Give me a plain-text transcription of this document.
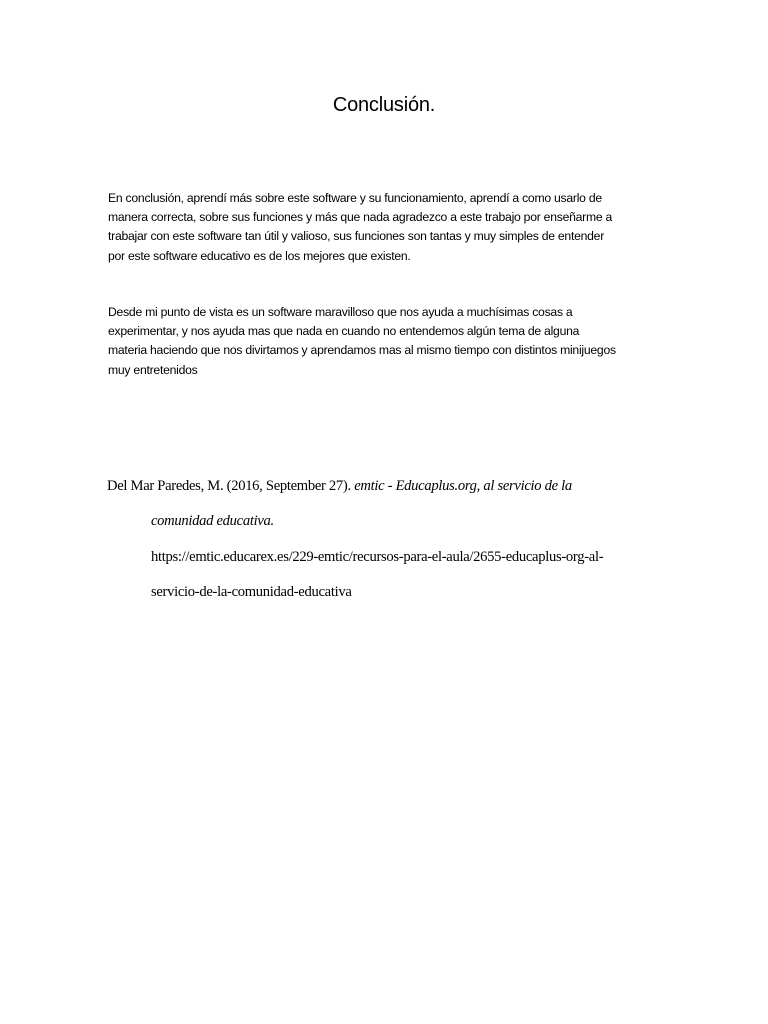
Conclusión.

En conclusión, aprendí más sobre este software y su funcionamiento, aprendí a como usarlo de
manera correcta, sobre sus funciones y más que nada agradezco a este trabajo por enseñarme a
trabajar con este software tan útil y valioso, sus funciones son tantas y muy simples de entender
por este software educativo es de los mejores que existen.

Desde mi punto de vista es un software maravilloso que nos ayuda a muchísimas cosas a
experimentar, y nos ayuda mas que nada en cuando no entendemos algún tema de alguna
materia haciendo que nos divirtamos y aprendamos mas al mismo tiempo con distintos minijuegos
muy entretenidos

Del Mar Paredes, M. (2016, September 27). emtic - Educaplus.org, al servicio de la
comunidad educativa.
https://emtic.educarex.es/229-emtic/recursos-para-el-aula/2655-educaplus-org-al-
servicio-de-la-comunidad-educativa
